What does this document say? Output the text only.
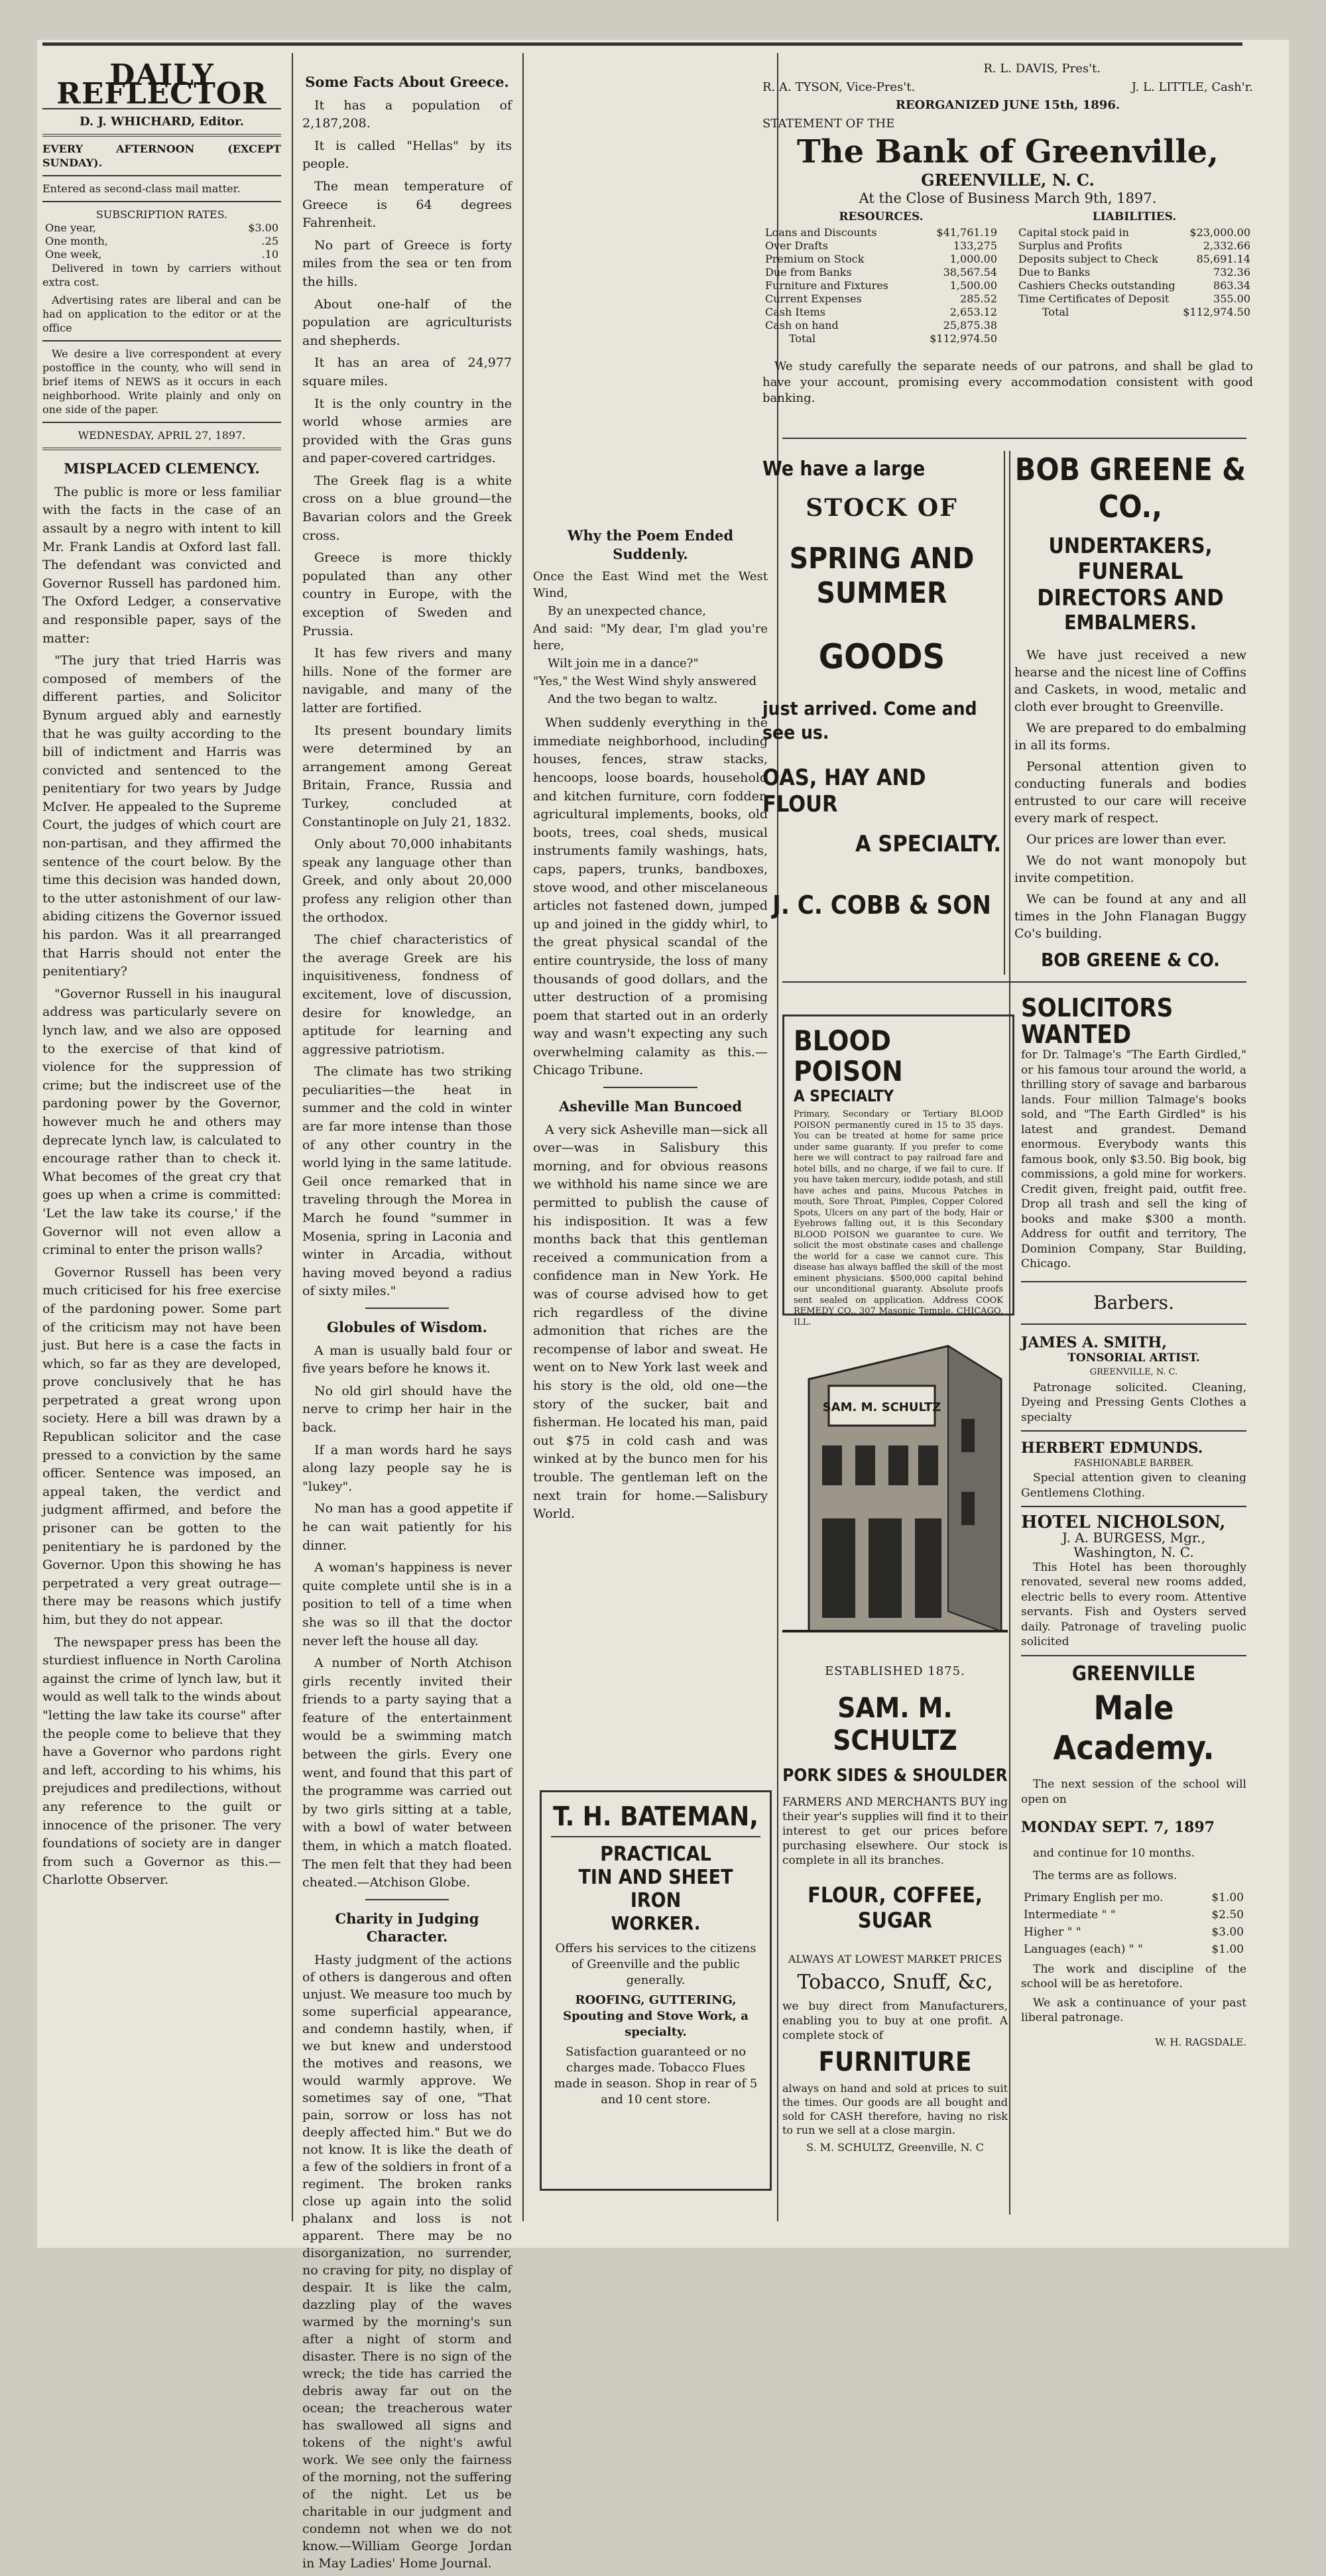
DAILY REFLECTOR
D. J. WHICHARD, Editor.
EVERY AFTERNOON (EXCEPT SUNDAY).
Entered as second-class mail matter.
SUBSCRIPTION RATES.
One year,	$3.00
One month,	.25
One week,	.10
Delivered in town by carriers without extra cost.
Advertising rates are liberal and can be had on application to the editor or at the office
We desire a live correspondent at every postoffice in the county, who will send in brief items of NEWS as it occurs in each neighborhood. Write plainly and only on one side of the paper.
WEDNESDAY, APRIL 27, 1897.
MISPLACED CLEMENCY.

The public is more or less familiar with the facts in the case of an assault by a negro with intent to kill Mr. Frank Landis at Oxford last fall. The defendant was convicted and Governor Russell has pardoned him. The Oxford Ledger, a conservative and responsible paper, says of the matter:

"The jury that tried Harris was composed of members of the different parties, and Solicitor Bynum argued ably and earnestly that he was guilty according to the bill of indictment and Harris was convicted and sentenced to the penitentiary for two years by Judge McIver. He appealed to the Supreme Court, the judges of which court are non-partisan, and they affirmed the sentence of the court below. By the time this decision was handed down, to the utter astonishment of our law-abiding citizens the Governor issued his pardon. Was it all prearranged that Harris should not enter the penitentiary?

"Governor Russell in his inaugural address was particularly severe on lynch law, and we also are opposed to the exercise of that kind of violence for the suppression of crime; but the indiscreet use of the pardoning power by the Governor, however much he and others may deprecate lynch law, is calculated to encourage rather than to check it. What becomes of the great cry that goes up when a crime is committed: 'Let the law take its course,' if the Governor will not even allow a criminal to enter the prison walls?

Governor Russell has been very much criticised for his free exercise of the pardoning power. Some part of the criticism may not have been just. But here is a case the facts in which, so far as they are developed, prove conclusively that he has perpetrated a great wrong upon society. Here a bill was drawn by a Republican solicitor and the case pressed to a conviction by the same officer. Sentence was imposed, an appeal taken, the verdict and judgment affirmed, and before the prisoner can be gotten to the penitentiary he is pardoned by the Governor. Upon this showing he has perpetrated a very great outrage—there may be reasons which justify him, but they do not appear.

The newspaper press has been the sturdiest influence in North Carolina against the crime of lynch law, but it would as well talk to the winds about "letting the law take its course" after the people come to believe that they have a Governor who pardons right and left, according to his whims, his prejudices and predilections, without any reference to the guilt or innocence of the prisoner. The very foundations of society are in danger from such a Governor as this.—Charlotte Observer.

Some Facts About Greece.

It has a population of 2,187,208.

It is called "Hellas" by its people.

The mean temperature of Greece is 64 degrees Fahrenheit.

No part of Greece is forty miles from the sea or ten from the hills.

About one-half of the population are agriculturists and shepherds.

It has an area of 24,977 square miles.

It is the only country in the world whose armies are provided with the Gras guns and paper-covered cartridges.

The Greek flag is a white cross on a blue ground—the Bavarian colors and the Greek cross.

Greece is more thickly populated than any other country in Europe, with the exception of Sweden and Prussia.

It has few rivers and many hills. None of the former are navigable, and many of the latter are fortified.

Its present boundary limits were determined by an arrangement among Gereat Britain, France, Russia and Turkey, concluded at Constantinople on July 21, 1832.

Only about 70,000 inhabitants speak any language other than Greek, and only about 20,000 profess any religion other than the orthodox.

The chief characteristics of the average Greek are his inquisitiveness, fondness of excitement, love of discussion, desire for knowledge, an aptitude for learning and aggressive patriotism.

The climate has two striking peculiarities—the heat in summer and the cold in winter are far more intense than those of any other country in the world lying in the same latitude. Geil once remarked that in traveling through the Morea in March he found "summer in Mosenia, spring in Laconia and winter in Arcadia, without having moved beyond a radius of sixty miles."

Globules of Wisdom.

A man is usually bald four or five years before he knows it.

No old girl should have the nerve to crimp her hair in the back.

If a man words hard he says along lazy people say he is "lukey".

No man has a good appetite if he can wait patiently for his dinner.

A woman's happiness is never quite complete until she is in a position to tell of a time when she was so ill that the doctor never left the house all day.

A number of North Atchison girls recently invited their friends to a party saying that a feature of the entertainment would be a swimming match between the girls. Every one went, and found that this part of the programme was carried out by two girls sitting at a table, with a bowl of water between them, in which a match floated. The men felt that they had been cheated.—Atchison Globe.

Charity in Judging Character.

Hasty judgment of the actions of others is dangerous and often unjust. We measure too much by some superficial appearance, and condemn hastily, when, if we but knew and understood the motives and reasons, we would warmly approve. We sometimes say of one, "That pain, sorrow or loss has not deeply affected him." But we do not know. It is like the death of a few of the soldiers in front of a regiment. The broken ranks close up again into the solid phalanx and loss is not apparent. There may be no disorganization, no surrender, no craving for pity, no display of despair. It is like the calm, dazzling play of the waves warmed by the morning's sun after a night of storm and disaster. There is no sign of the wreck; the tide has carried the debris away far out on the ocean; the treacherous water has swallowed all signs and tokens of the night's awful work. We see only the fairness of the morning, not the suffering of the night. Let us be charitable in our judgment and condemn not when we do not know.—William George Jordan in May Ladies' Home Journal.

Why the Poem Ended Suddenly.

Once the East Wind met the West Wind,

By an unexpected chance,

And said: "My dear, I'm glad you're here,

Wilt join me in a dance?"

"Yes," the West Wind shyly answered

And the two began to waltz.

When suddenly everything in the immediate neighborhood, including houses, fences, straw stacks, hencoops, loose boards, household and kitchen furniture, corn fodder, agricultural implements, books, old boots, trees, coal sheds, musical instruments family washings, hats, caps, papers, trunks, bandboxes, stove wood, and other miscelaneous articles not fastened down, jumped up and joined in the giddy whirl, to the great physical scandal of the entire countryside, the loss of many thousands of good dollars, and the utter destruction of a promising poem that started out in an orderly way and wasn't expecting any such overwhelming calamity as this.—Chicago Tribune.

Asheville Man Buncoed

A very sick Asheville man—sick all over—was in Salisbury this morning, and for obvious reasons we withhold his name since we are permitted to publish the cause of his indisposition. It was a few months back that this gentleman received a communication from a confidence man in New York. He was of course advised how to get rich regardless of the divine admonition that riches are the recompense of labor and sweat. He went on to New York last week and his story is the old, old one—the story of the sucker, bait and fisherman. He located his man, paid out $75 in cold cash and was winked at by the bunco men for his trouble. The gentleman left on the next train for home.—Salisbury World.

T. H. BATEMAN,
PRACTICAL
TIN AND SHEET IRON
WORKER.
Offers his services to the citizens of Greenville and the public generally.
ROOFING, GUTTERING, Spouting and Stove Work, a specialty.
Satisfaction guaranteed or no charges made. Tobacco Flues made in season. Shop in rear of 5 and 10 cent store.
R. L. DAVIS, Pres't.
R. A. TYSON, Vice-Pres't.	J. L. LITTLE, Cash'r.
REORGANIZED JUNE 15th, 1896.
STATEMENT OF THE
The Bank of Greenville,
GREENVILLE, N. C.
At the Close of Business March 9th, 1897.
RESOURCES.
Loans and Discounts	$41,761.19
Over Drafts	133,275
Premium on Stock	1,000.00
Due from Banks	38,567.54
Furniture and Fixtures	1,500.00
Current Expenses	285.52
Cash Items	2,653.12
Cash on hand	25,875.38
Total	$112,974.50
LIABILITIES.
Capital stock paid in	$23,000.00
Surplus and Profits	2,332.66
Deposits subject to Check	85,691.14
Due to Banks	732.36
Cashiers Checks outstanding	863.34
Time Certificates of Deposit	355.00
Total	$112,974.50
We study carefully the separate needs of our patrons, and shall be glad to have your account, promising every accommodation consistent with good banking.
We have a large
STOCK OF
SPRING AND SUMMER
GOODS
just arrived. Come and see us.
OAS, HAY AND FLOUR
A SPECIALTY.
J. C. COBB & SON
BOB GREENE & CO.,
UNDERTAKERS,
FUNERAL DIRECTORS AND
EMBALMERS.

We have just received a new hearse and the nicest line of Coffins and Caskets, in wood, metalic and cloth ever brought to Greenville.

We are prepared to do embalming in all its forms.

Personal attention given to conducting funerals and bodies entrusted to our care will receive every mark of respect.

Our prices are lower than ever.

We do not want monopoly but invite competition.

We can be found at any and all times in the John Flanagan Buggy Co's building.

BOB GREENE & CO.
BLOOD POISON
A SPECIALTY
Primary, Secondary or Tertiary BLOOD POISON permanently cured in 15 to 35 days. You can be treated at home for same price under same guaranty. If you prefer to come here we will contract to pay railroad fare and hotel bills, and no charge, if we fail to cure. If you have taken mercury, iodide potash, and still have aches and pains, Mucous Patches in mouth, Sore Throat, Pimples, Copper Colored Spots, Ulcers on any part of the body, Hair or Eyebrows falling out, it is this Secondary BLOOD POISON we guarantee to cure. We solicit the most obstinate cases and challenge the world for a case we cannot cure. This disease has always baffled the skill of the most eminent physicians. $500,000 capital behind our unconditional guaranty. Absolute proofs sent sealed on application. Address COOK REMEDY CO., 307 Masonic Temple, CHICAGO, ILL.
SAM. M. SCHULTZ
ESTABLISHED 1875.
SAM. M. SCHULTZ
PORK SIDES & SHOULDER
FARMERS AND MERCHANTS BUY ing their year's supplies will find it to their interest to get our prices before purchasing elsewhere. Our stock is complete in all its branches.
FLOUR, COFFEE, SUGAR
ALWAYS AT LOWEST MARKET PRICES
Tobacco, Snuff, &c,
we buy direct from Manufacturers, enabling you to buy at one profit. A complete stock of
FURNITURE
always on hand and sold at prices to suit the times. Our goods are all bought and sold for CASH therefore, having no risk to run we sell at a close margin.
S. M. SCHULTZ, Greenville, N. C
SOLICITORS WANTED
for Dr. Talmage's "The Earth Girdled," or his famous tour around the world, a thrilling story of savage and barbarous lands. Four million Talmage's books sold, and "The Earth Girdled" is his latest and grandest. Demand enormous. Everybody wants this famous book, only $3.50. Big book, big commissions, a gold mine for workers. Credit given, freight paid, outfit free. Drop all trash and sell the king of books and make $300 a month. Address for outfit and territory, The Dominion Company, Star Building, Chicago.
Barbers.
JAMES A. SMITH,
TONSORIAL ARTIST.
GREENVILLE, N. C.
Patronage solicited. Cleaning, Dyeing and Pressing Gents Clothes a specialty
HERBERT EDMUNDS.
FASHIONABLE BARBER.
Special attention given to cleaning Gentlemens Clothing.
HOTEL NICHOLSON,
J. A. BURGESS, Mgr.,
Washington, N. C.
This Hotel has been thoroughly renovated, several new rooms added, electric bells to every room. Attentive servants. Fish and Oysters served daily. Patronage of traveling puolic solicited
GREENVILLE
Male Academy.
The next session of the school will open on
MONDAY SEPT. 7, 1897
and continue for 10 months.
The terms are as follows.
Primary English per mo.	$1.00
Intermediate " "	$2.50
Higher " "	$3.00
Languages (each) " "	$1.00
The work and discipline of the school will be as heretofore.
We ask a continuance of your past liberal patronage.
W. H. RAGSDALE.
